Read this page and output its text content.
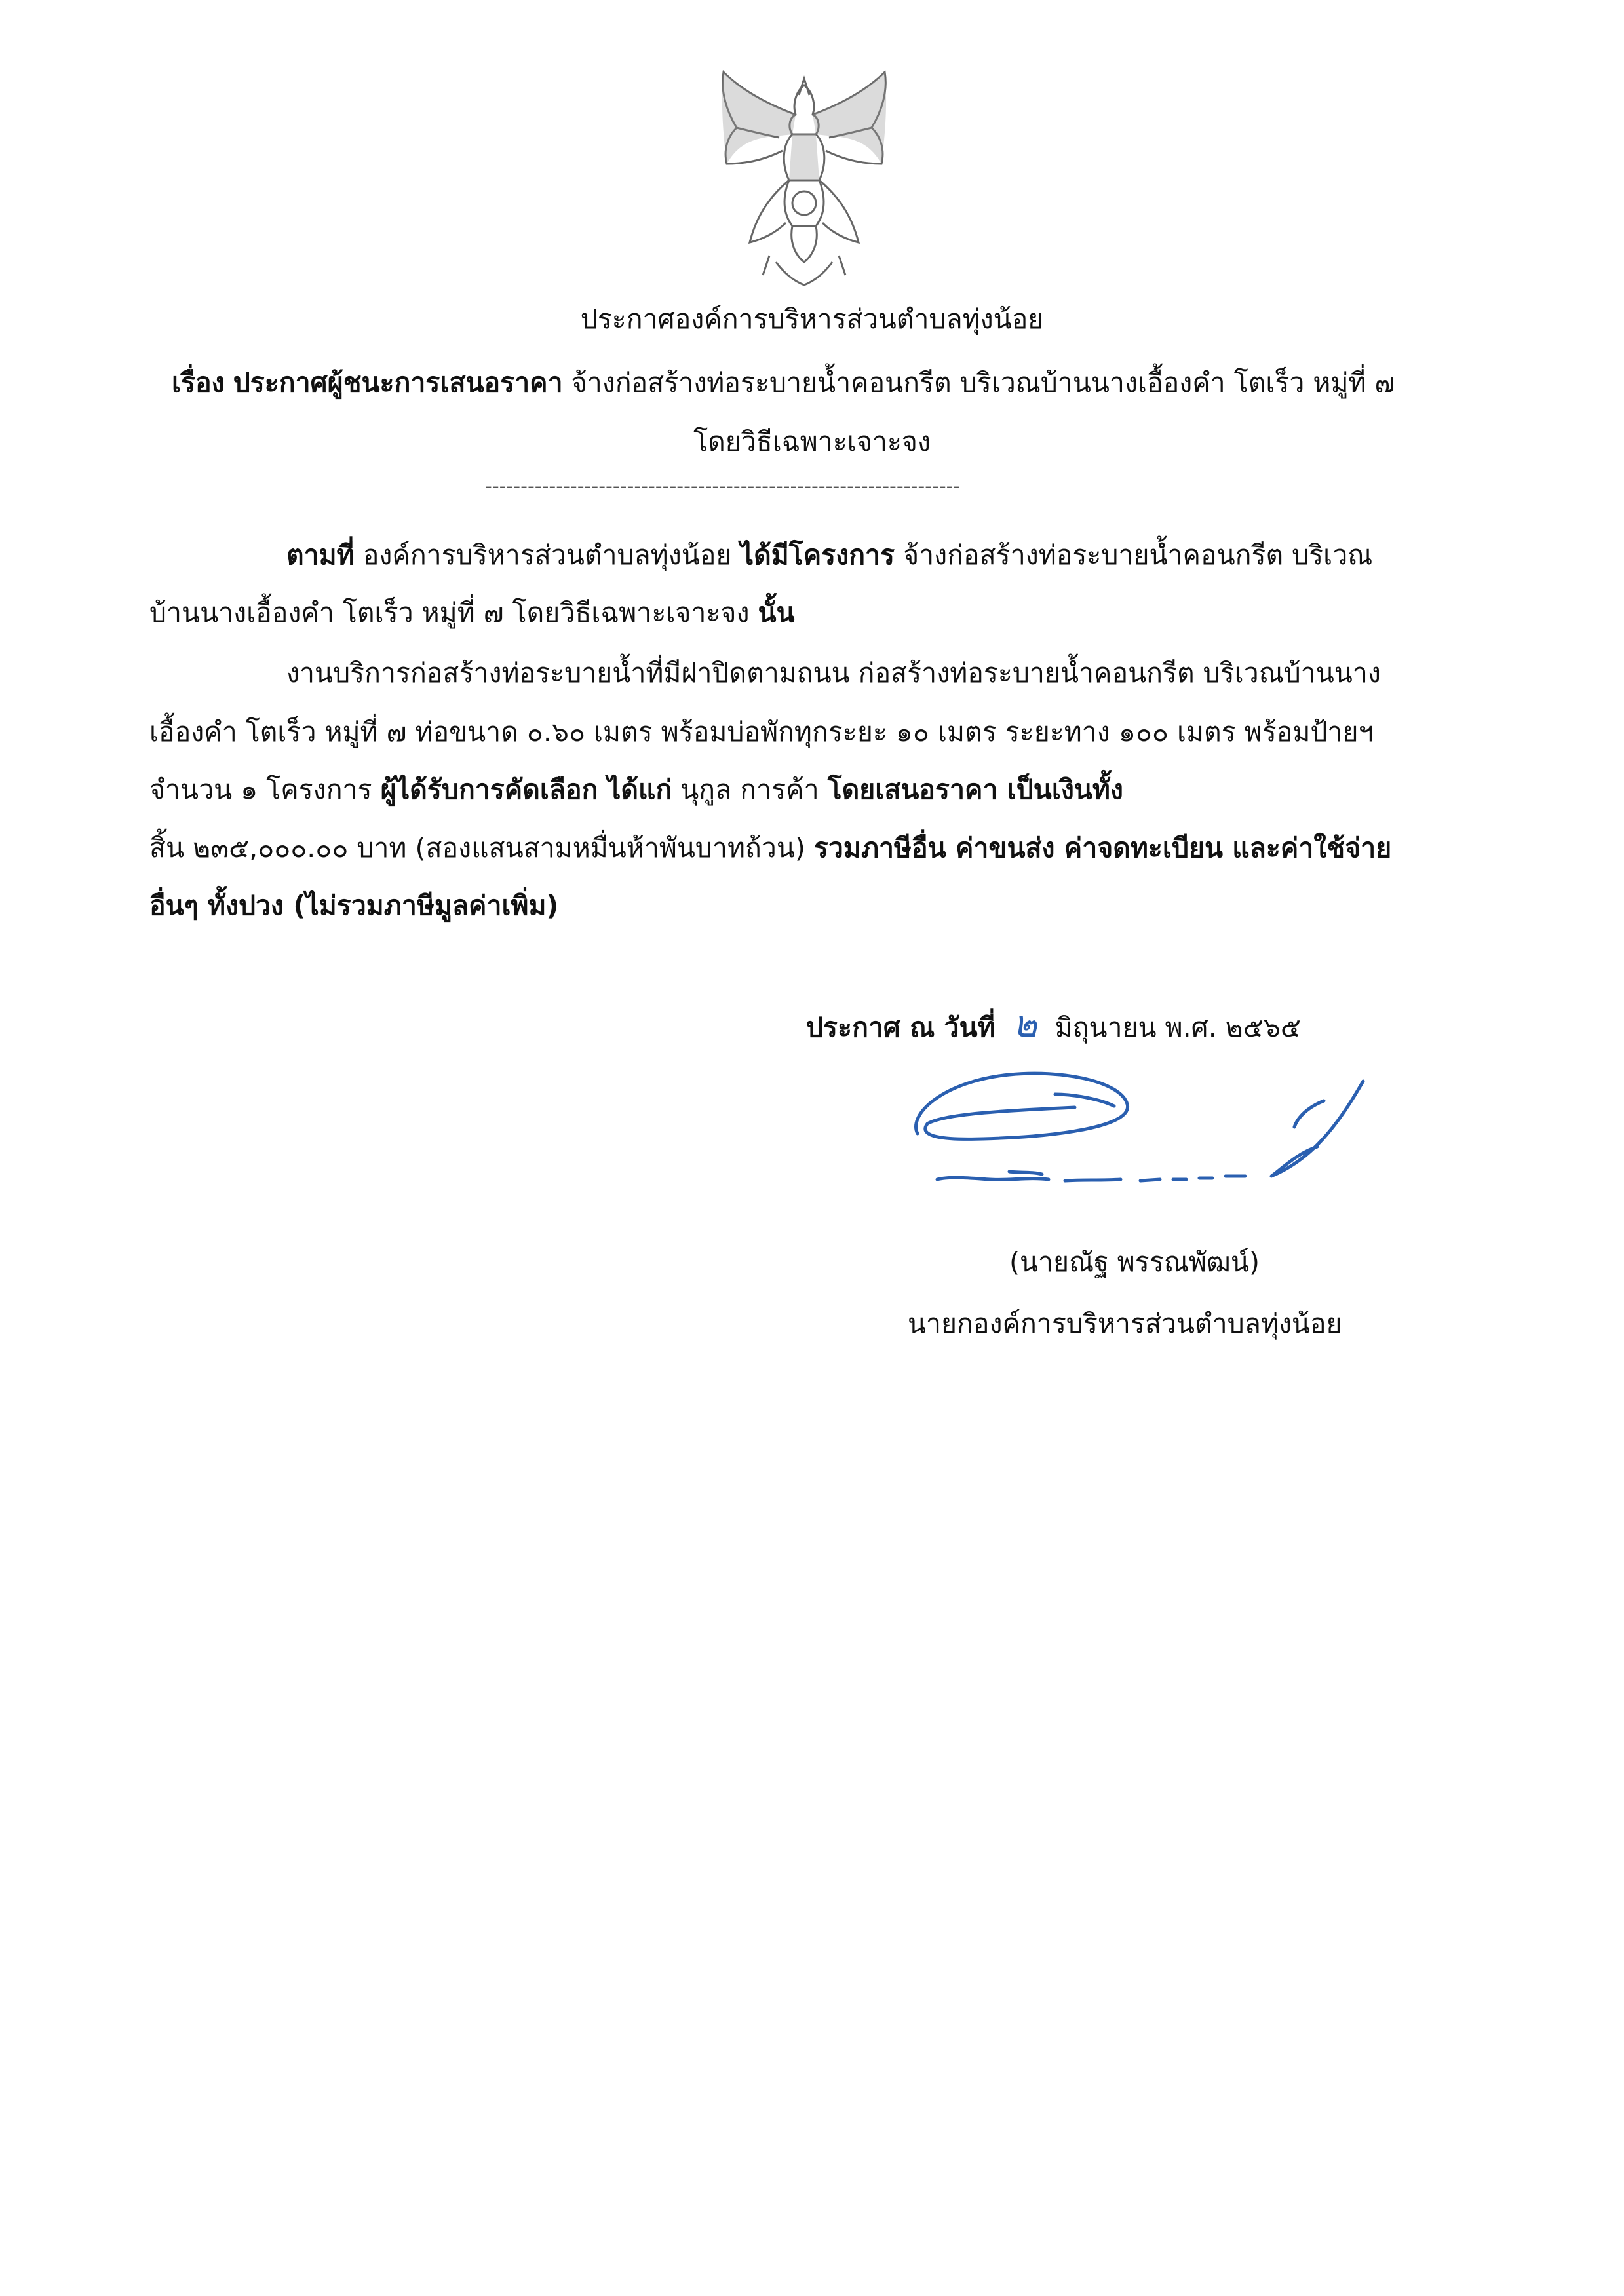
ประกาศองค์การบริหารส่วนตำบลทุ่งน้อย
เรื่อง ประกาศผู้ชนะการเสนอราคา จ้างก่อสร้างท่อระบายน้ำคอนกรีต บริเวณบ้านนางเอื้องคำ โตเร็ว หมู่ที่ ๗
โดยวิธีเฉพาะเจาะจง
-------------------------------------------------------------------
ตามที่ องค์การบริหารส่วนตำบลทุ่งน้อย ได้มีโครงการ จ้างก่อสร้างท่อระบายน้ำคอนกรีต บริเวณ
บ้านนางเอื้องคำ โตเร็ว หมู่ที่ ๗ โดยวิธีเฉพาะเจาะจง นั้น
งานบริการก่อสร้างท่อระบายน้ำที่มีฝาปิดตามถนน ก่อสร้างท่อระบายน้ำคอนกรีต บริเวณบ้านนาง
เอื้องคำ โตเร็ว หมู่ที่ ๗ ท่อขนาด ๐.๖๐ เมตร พร้อมบ่อพักทุกระยะ ๑๐ เมตร ระยะทาง ๑๐๐ เมตร พร้อมป้ายฯ
จำนวน ๑ โครงการ ผู้ได้รับการคัดเลือก ได้แก่ นุกูล การค้า โดยเสนอราคา เป็นเงินทั้ง
สิ้น ๒๓๕,๐๐๐.๐๐ บาท (สองแสนสามหมื่นห้าพันบาทถ้วน) รวมภาษีอื่น ค่าขนส่ง ค่าจดทะเบียน และค่าใช้จ่าย
อื่นๆ ทั้งปวง (ไม่รวมภาษีมูลค่าเพิ่ม)
ประกาศ ณ วันที่ ๒ มิถุนายน พ.ศ. ๒๕๖๕
(นายณัฐ พรรณพัฒน์)
นายกองค์การบริหารส่วนตำบลทุ่งน้อย
